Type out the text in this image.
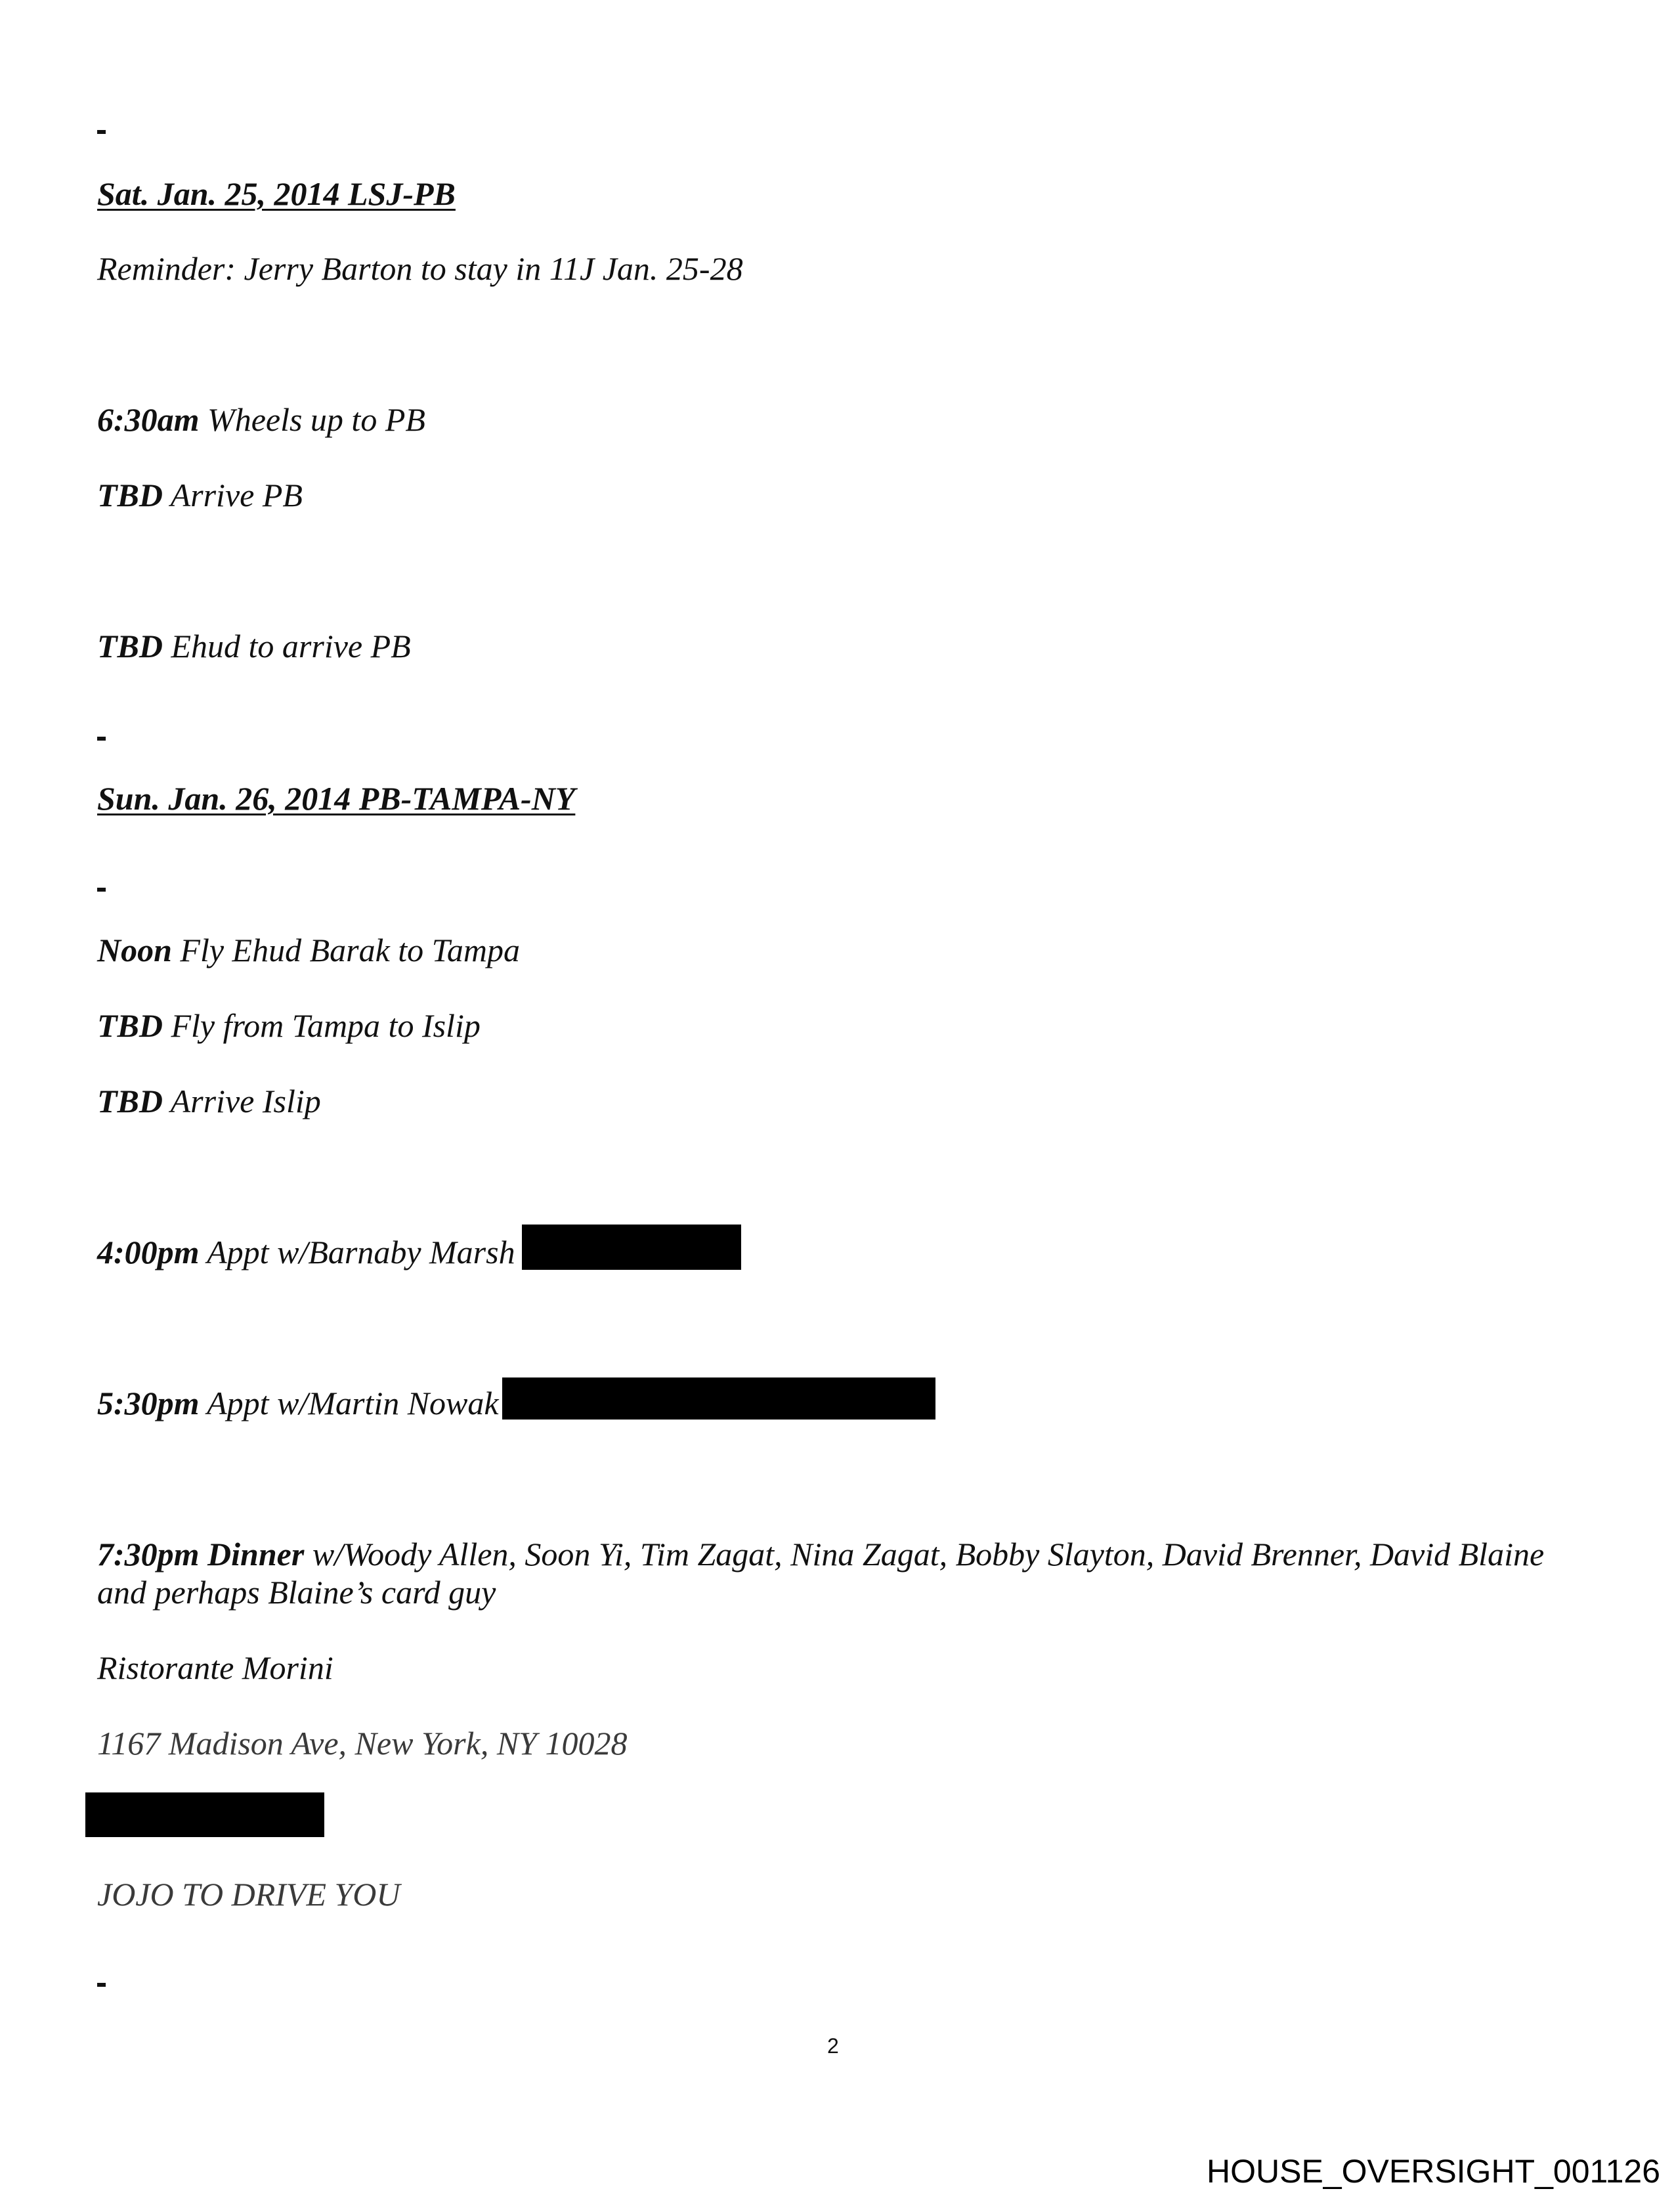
Sat. Jan. 25, 2014 LSJ-PB
Reminder: Jerry Barton to stay in 11J Jan. 25-28
6:30am Wheels up to PB
TBD Arrive PB
TBD Ehud to arrive PB
Sun. Jan. 26, 2014 PB-TAMPA-NY
Noon Fly Ehud Barak to Tampa
TBD Fly from Tampa to Islip
TBD Arrive Islip
4:00pm Appt w/Barnaby Marsh
5:30pm Appt w/Martin Nowak
7:30pm Dinner w/Woody Allen, Soon Yi, Tim Zagat, Nina Zagat, Bobby Slayton, David Brenner, David Blaine
and perhaps Blaine’s card guy
Ristorante Morini
1167 Madison Ave, New York, NY 10028
JOJO TO DRIVE YOU
2
HOUSE_OVERSIGHT_001126
